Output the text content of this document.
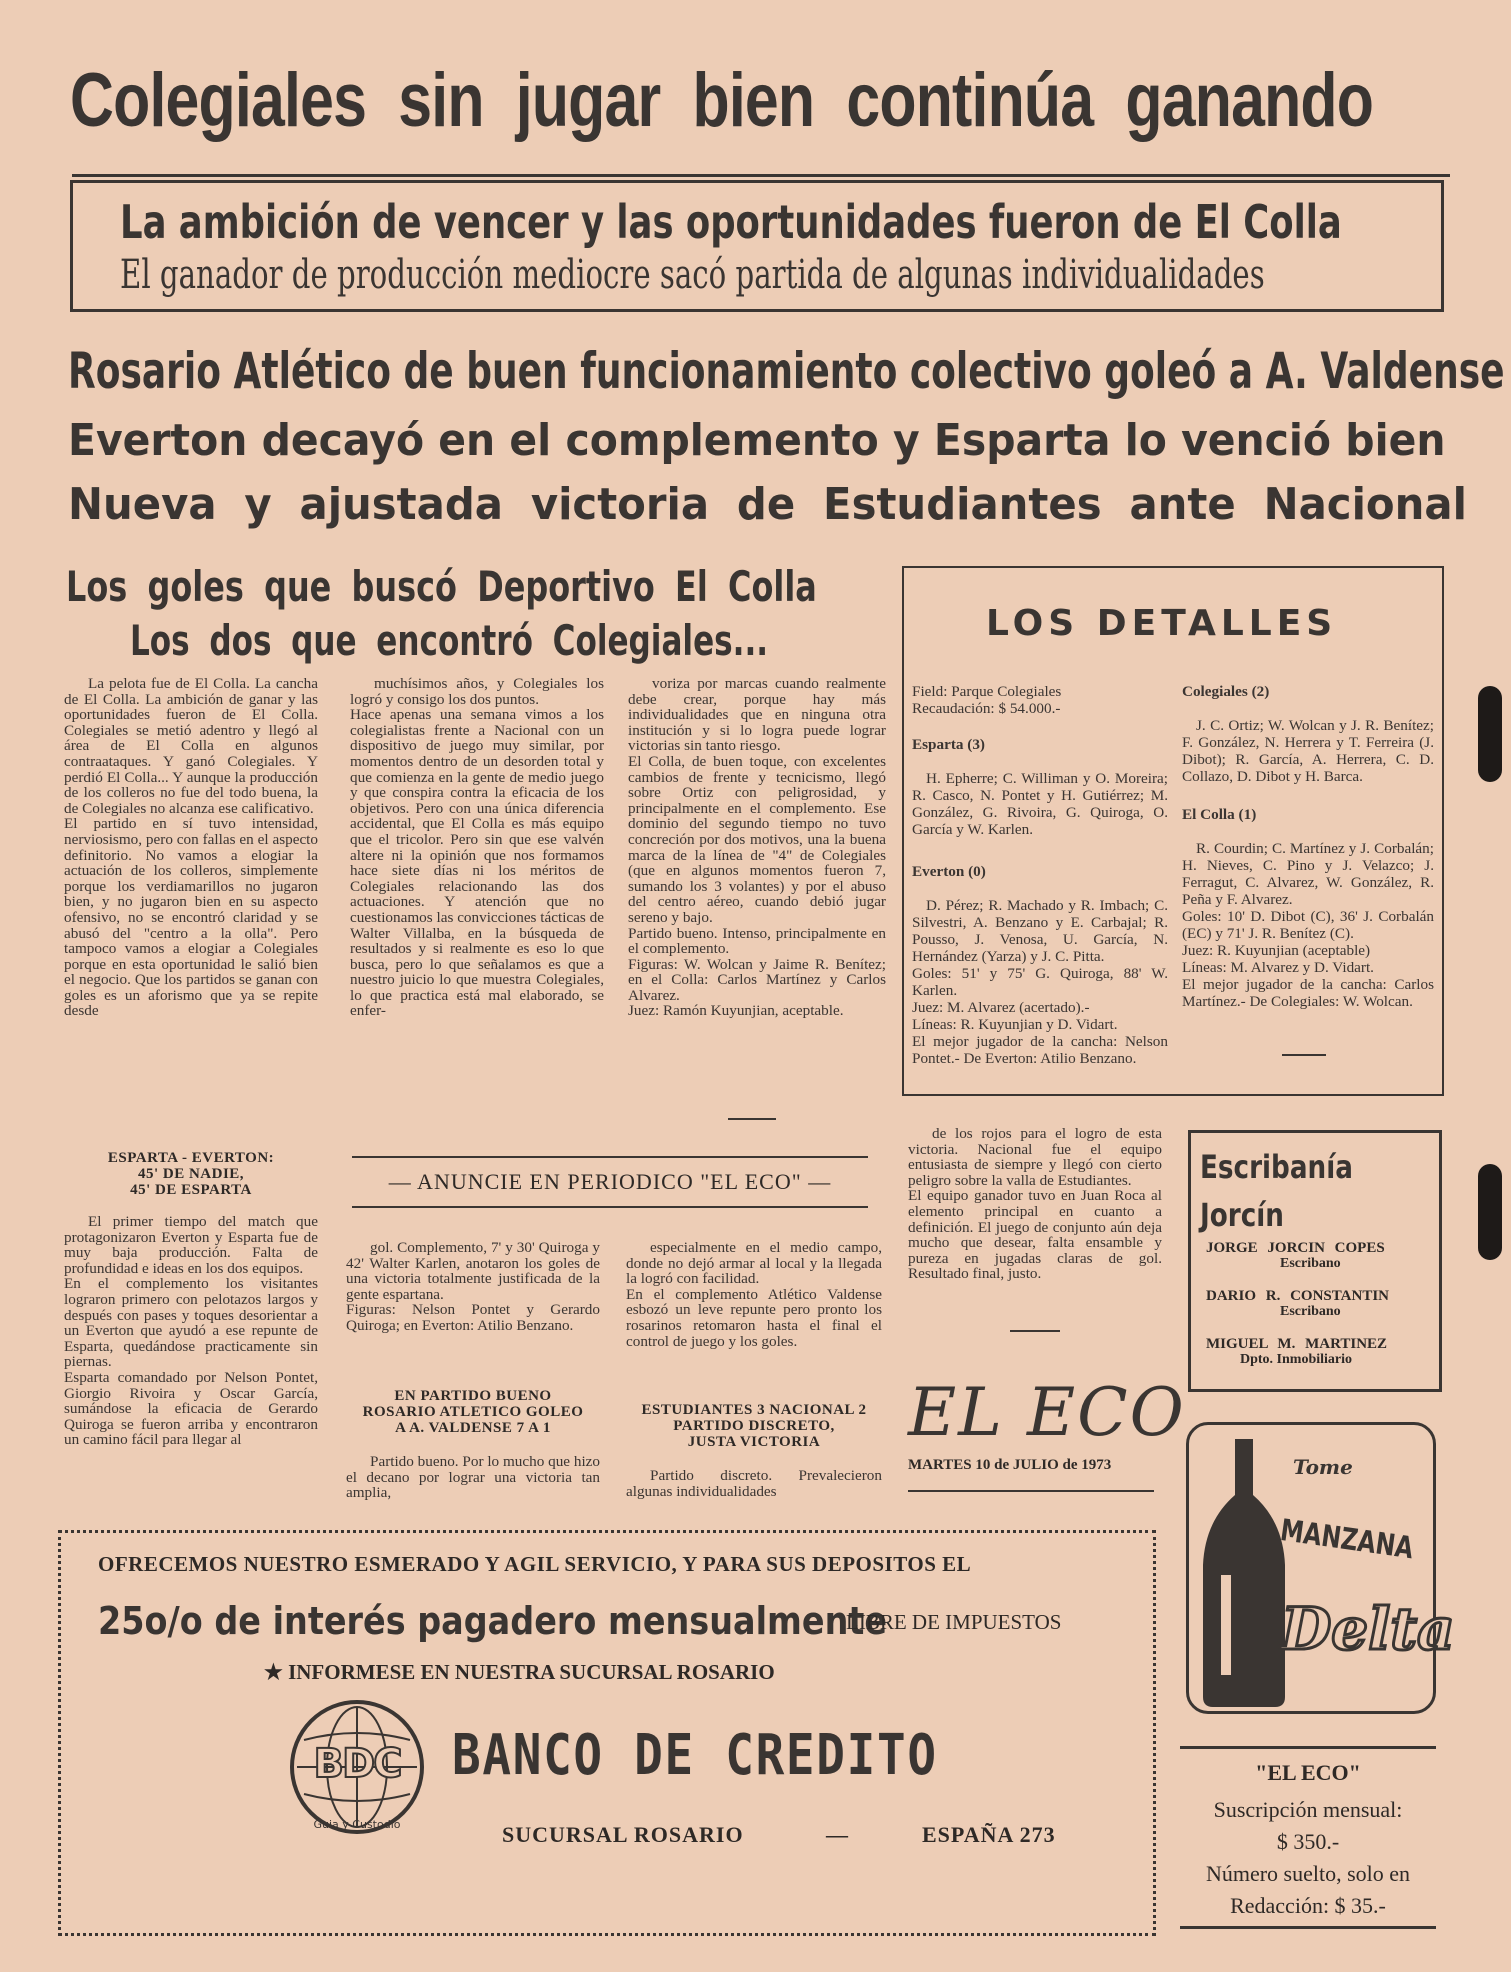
Colegiales sin jugar bien continúa ganando
La ambición de vencer y las oportunidades fueron de El Colla
El ganador de producción mediocre sacó partida de algunas individualidades
Rosario Atlético de buen funcionamiento colectivo goleó a A. Valdense
Everton decayó en el complemento y Esparta lo venció bien
Nueva y ajustada victoria de Estudiantes ante Nacional
Los goles que buscó Deportivo El Colla
Los dos que encontró Colegiales...

La pelota fue de El Colla. La cancha de El Colla. La ambición de ganar y las oportunidades fueron de El Colla. Colegiales se metió adentro y llegó al área de El Colla en algunos contraataques. Y ganó Colegiales. Y perdió El Colla... Y aunque la producción de los colleros no fue del todo buena, la de Colegiales no alcanza ese calificativo.
El partido en sí tuvo intensidad, nerviosismo, pero con fallas en el aspecto definitorio. No vamos a elogiar la actuación de los colleros, simplemente porque los verdiamarillos no jugaron bien, y no jugaron bien en su aspecto ofensivo, no se encontró claridad y se abusó del "centro a la olla". Pero tampoco vamos a elogiar a Colegiales porque en esta oportunidad le salió bien el negocio. Que los partidos se ganan con goles es un aforismo que ya se repite desde

muchísimos años, y Colegiales los logró y consigo los dos puntos.
Hace apenas una semana vimos a los colegialistas frente a Nacional con un dispositivo de juego muy similar, por momentos dentro de un desorden total y que comienza en la gente de medio juego y que conspira contra la eficacia de los objetivos. Pero con una única diferencia accidental, que El Colla es más equipo que el tricolor. Pero sin que ese valvén altere ni la opinión que nos formamos hace siete días ni los méritos de Colegiales relacionando las dos actuaciones. Y atención que no cuestionamos las convicciones tácticas de Walter Villalba, en la búsqueda de resultados y si realmente es eso lo que busca, pero lo que señalamos es que a nuestro juicio lo que muestra Colegiales, lo que practica está mal elaborado, se enfer-

voriza por marcas cuando realmente debe crear, porque hay más individualidades que en ninguna otra institución y si lo logra puede lograr victorias sin tanto riesgo.
El Colla, de buen toque, con excelentes cambios de frente y tecnicismo, llegó sobre Ortiz con peligrosidad, y principalmente en el complemento. Ese dominio del segundo tiempo no tuvo concreción por dos motivos, una la buena marca de la línea de "4" de Colegiales (que en algunos momentos fueron 7, sumando los 3 volantes) y por el abuso del centro aéreo, cuando debió jugar sereno y bajo.
Partido bueno. Intenso, principalmente en el complemento.
Figuras: W. Wolcan y Jaime R. Benítez; en el Colla: Carlos Martínez y Carlos Alvarez.
Juez: Ramón Kuyunjian, aceptable.

LOS DETALLES

Field: Parque Colegiales
Recaudación: $ 54.000.-

Esparta (3)

H. Epherre; C. Williman y O. Moreira; R. Casco, N. Pontet y H. Gutiérrez; M. González, G. Rivoira, G. Quiroga, O. García y W. Karlen.

Everton (0)

D. Pérez; R. Machado y R. Imbach; C. Silvestri, A. Benzano y E. Carbajal; R. Pousso, J. Venosa, U. García, N. Hernández (Yarza) y J. C. Pitta.
Goles: 51' y 75' G. Quiroga, 88' W. Karlen.
Juez: M. Alvarez (acertado).-
Líneas: R. Kuyunjian y D. Vidart.
El mejor jugador de la cancha: Nelson Pontet.- De Everton: Atilio Benzano.

Colegiales (2)

J. C. Ortiz; W. Wolcan y J. R. Benítez; F. González, N. Herrera y T. Ferreira (J. Dibot); R. García, A. Herrera, C. D. Collazo, D. Dibot y H. Barca.

El Colla (1)

R. Courdin; C. Martínez y J. Corbalán; H. Nieves, C. Pino y J. Velazco; J. Ferragut, C. Alvarez, W. González, R. Peña y F. Alvarez.
Goles: 10' D. Dibot (C), 36' J. Corbalán (EC) y 71' J. R. Benítez (C).
Juez: R. Kuyunjian (aceptable)
Líneas: M. Alvarez y D. Vidart.
El mejor jugador de la cancha: Carlos Martínez.- De Colegiales: W. Wolcan.

ESPARTA - EVERTON:
45' DE NADIE,
45' DE ESPARTA

El primer tiempo del match que protagonizaron Everton y Esparta fue de muy baja producción. Falta de profundidad e ideas en los dos equipos.
En el complemento los visitantes lograron primero con pelotazos largos y después con pases y toques desorientar a un Everton que ayudó a ese repunte de Esparta, quedándose practicamente sin piernas.
Esparta comandado por Nelson Pontet, Giorgio Rivoira y Oscar García, sumándose la eficacia de Gerardo Quiroga se fueron arriba y encontraron un camino fácil para llegar al

— ANUNCIE EN PERIODICO "EL ECO" —

gol. Complemento, 7' y 30' Quiroga y 42' Walter Karlen, anotaron los goles de una victoria totalmente justificada de la gente espartana.
Figuras: Nelson Pontet y Gerardo Quiroga; en Everton: Atilio Benzano.

EN PARTIDO BUENO
ROSARIO ATLETICO GOLEO
A A. VALDENSE 7 A 1

Partido bueno. Por lo mucho que hizo el decano por lograr una victoria tan amplia,

especialmente en el medio campo, donde no dejó armar al local y la llegada la logró con facilidad.
En el complemento Atlético Valdense esbozó un leve repunte pero pronto los rosarinos retomaron hasta el final el control de juego y los goles.

ESTUDIANTES 3 NACIONAL 2
PARTIDO DISCRETO,
JUSTA VICTORIA

Partido discreto. Prevalecieron algunas individualidades

de los rojos para el logro de esta victoria. Nacional fue el equipo entusiasta de siempre y llegó con cierto peligro sobre la valla de Estudiantes.
El equipo ganador tuvo en Juan Roca al elemento principal en cuanto a definición. El juego de conjunto aún deja mucho que desear, falta ensamble y pureza en jugadas claras de gol. Resultado final, justo.

EL ECO
MARTES 10 de JULIO de 1973
Escribanía
Jorcín
JORGE JORCIN COPES
Escribano
DARIO R. CONSTANTIN
Escribano
MIGUEL M. MARTINEZ
Dpto. Inmobiliario
OFRECEMOS NUESTRO ESMERADO Y AGIL SERVICIO, Y PARA SUS DEPOSITOS EL
25o/o de interés pagadero mensualmente
LIBRE DE IMPUESTOS
★ INFORMESE EN NUESTRA SUCURSAL ROSARIO
BDC
Guia y Custodio
BANCO DE CREDITO
SUCURSAL ROSARIO	—	ESPAÑA 273
Tome
MANZANA
Delta
"EL ECO"
Suscripción mensual:
$ 350.-
Número suelto, solo en
Redacción: $ 35.-
